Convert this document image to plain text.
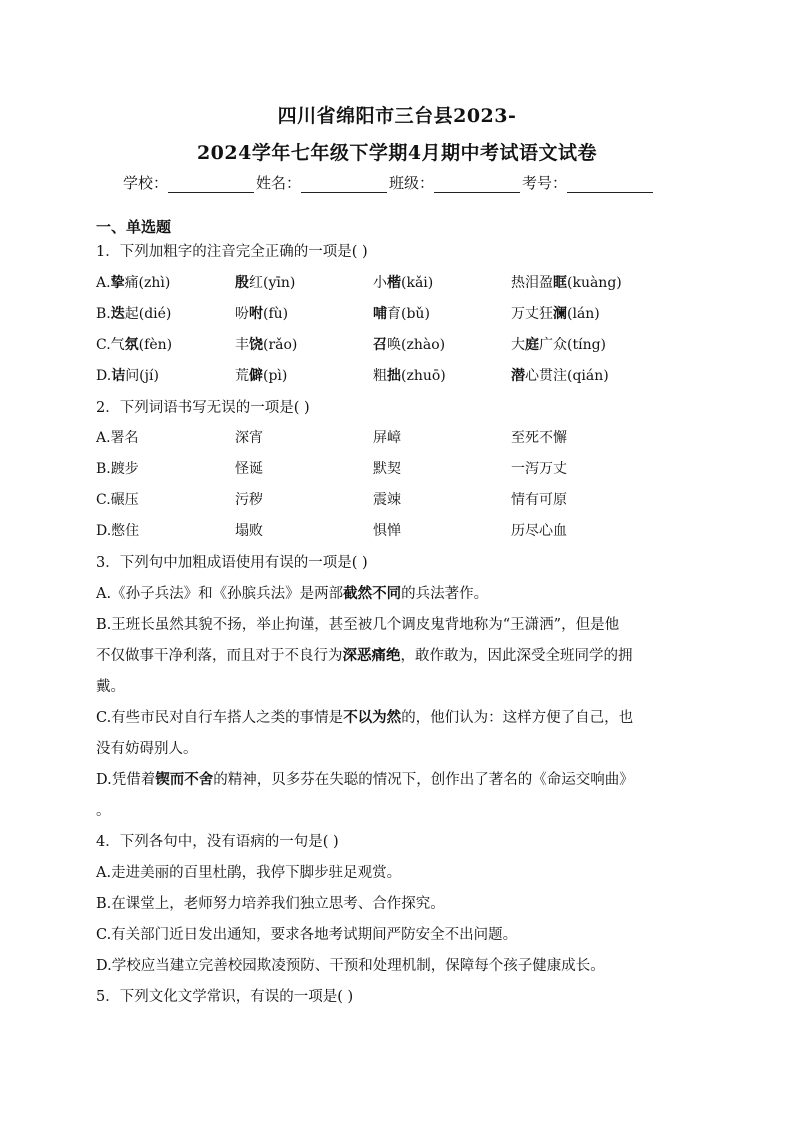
四川省绵阳市三台县2023-
2024学年七年级下学期4月期中考试语文试卷
学校：	姓名：	班级：	考号：
一、单选题
1．下列加粗字的注音完全正确的一项是( )
A.挚痛(zhì)	殷红(yīn)	小楷(kǎi)	热泪盈眶(kuàng)
B.迭起(dié)	吩咐(fù)	哺育(bǔ)	万丈狂澜(lán)
C.气氛(fèn)	丰饶(rǎo)	召唤(zhào)	大庭广众(tíng)
D.诘问(jí)	荒僻(pì)	粗拙(zhuō)	潜心贯注(qián)
2．下列词语书写无误的一项是( )
A.署名	深宵	屏嶂	至死不懈
B.踱步	怪诞	默契	一泻万丈
C.碾压	污秽	震竦	情有可原
D.憋住	塌败	惧惮	历尽心血
3．下列句中加粗成语使用有误的一项是( )
A.《孙子兵法》和《孙膑兵法》是两部截然不同的兵法著作。
B.王班长虽然其貌不扬，举止拘谨，甚至被几个调皮鬼背地称为“王潇洒”，但是他
不仅做事干净利落，而且对于不良行为深恶痛绝，敢作敢为，因此深受全班同学的拥
戴。
C.有些市民对自行车搭人之类的事情是不以为然的，他们认为：这样方便了自己，也
没有妨碍别人。
D.凭借着锲而不舍的精神，贝多芬在失聪的情况下，创作出了著名的《命运交响曲》
。
4．下列各句中，没有语病的一句是( )
A.走进美丽的百里杜鹃，我停下脚步驻足观赏。
B.在课堂上，老师努力培养我们独立思考、合作探究。
C.有关部门近日发出通知，要求各地考试期间严防安全不出问题。
D.学校应当建立完善校园欺凌预防、干预和处理机制，保障每个孩子健康成长。
5．下列文化文学常识，有误的一项是( )
